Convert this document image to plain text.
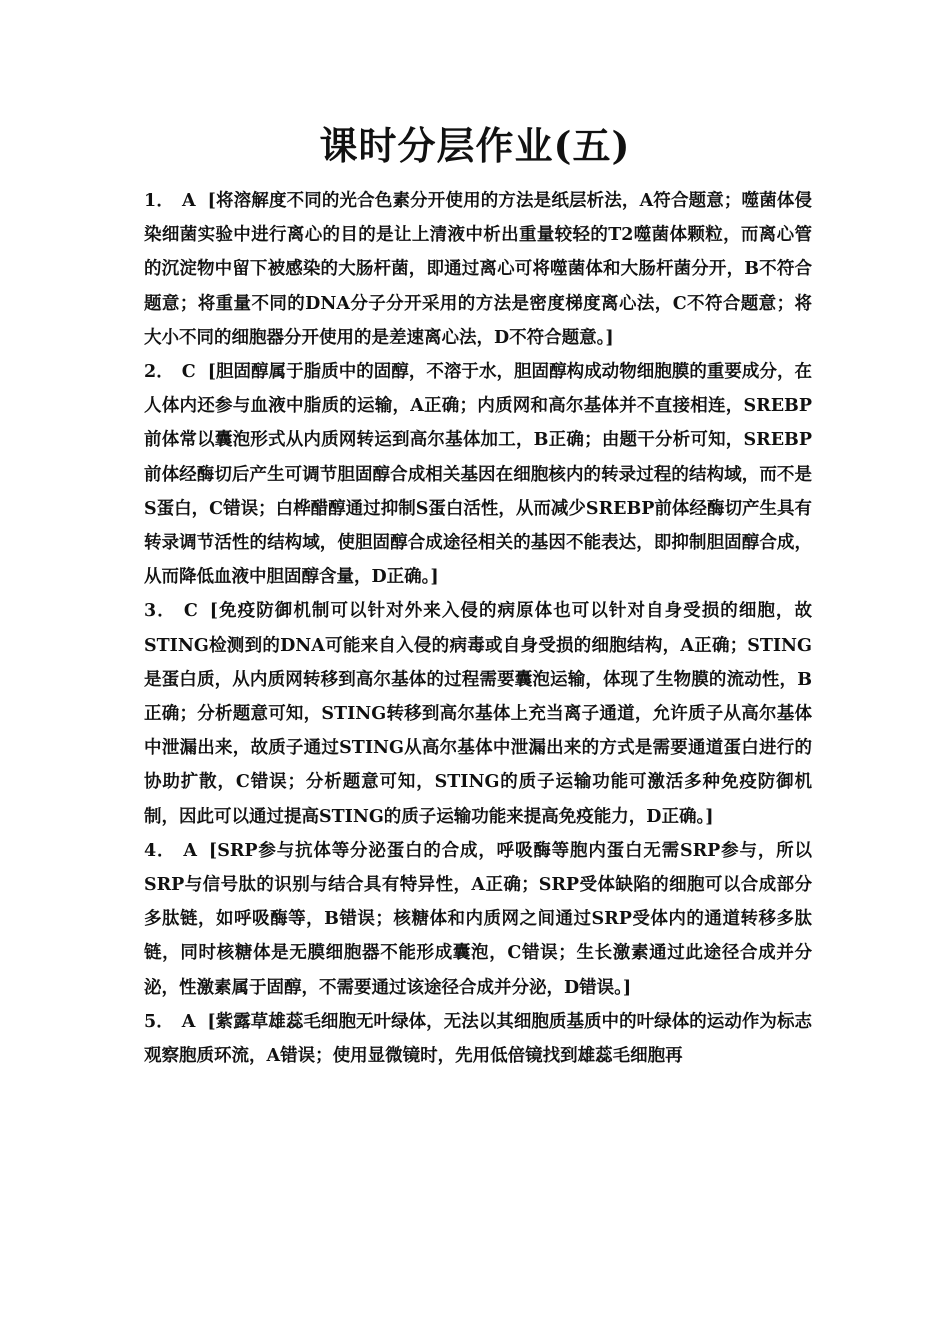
课时分层作业(五)

1． A [将溶解度不同的光合色素分开使用的方法是纸层析法，A符合题意；噬菌体侵染细菌实验中进行离心的目的是让上清液中析出重量较轻的T2噬菌体颗粒，而离心管的沉淀物中留下被感染的大肠杆菌，即通过离心可将噬菌体和大肠杆菌分开，B不符合题意；将重量不同的DNA分子分开采用的方法是密度梯度离心法，C不符合题意；将大小不同的细胞器分开使用的是差速离心法，D不符合题意。]

2． C [胆固醇属于脂质中的固醇，不溶于水，胆固醇构成动物细胞膜的重要成分，在人体内还参与血液中脂质的运输，A正确；内质网和高尔基体并不直接相连，SREBP前体常以囊泡形式从内质网转运到高尔基体加工，B正确；由题干分析可知，SREBP前体经酶切后产生可调节胆固醇合成相关基因在细胞核内的转录过程的结构域，而不是S蛋白，C错误；白桦醋醇通过抑制S蛋白活性，从而减少SREBP前体经酶切产生具有转录调节活性的结构域，使胆固醇合成途径相关的基因不能表达，即抑制胆固醇合成，从而降低血液中胆固醇含量，D正确。]

3． C [免疫防御机制可以针对外来入侵的病原体也可以针对自身受损的细胞，故STING检测到的DNA可能来自入侵的病毒或自身受损的细胞结构，A正确；STING是蛋白质，从内质网转移到高尔基体的过程需要囊泡运输，体现了生物膜的流动性，B正确；分析题意可知，STING转移到高尔基体上充当离子通道，允许质子从高尔基体中泄漏出来，故质子通过STING从高尔基体中泄漏出来的方式是需要通道蛋白进行的协助扩散，C错误；分析题意可知，STING的质子运输功能可激活多种免疫防御机制，因此可以通过提高STING的质子运输功能来提高免疫能力，D正确。]

4． A [SRP参与抗体等分泌蛋白的合成，呼吸酶等胞内蛋白无需SRP参与，所以SRP与信号肽的识别与结合具有特异性，A正确；SRP受体缺陷的细胞可以合成部分多肽链，如呼吸酶等，B错误；核糖体和内质网之间通过SRP受体内的通道转移多肽链，同时核糖体是无膜细胞器不能形成囊泡，C错误；生长激素通过此途径合成并分泌，性激素属于固醇，不需要通过该途径合成并分泌，D错误。]

5． A [紫露草雄蕊毛细胞无叶绿体，无法以其细胞质基质中的叶绿体的运动作为标志观察胞质环流，A错误；使用显微镜时，先用低倍镜找到雄蕊毛细胞再
